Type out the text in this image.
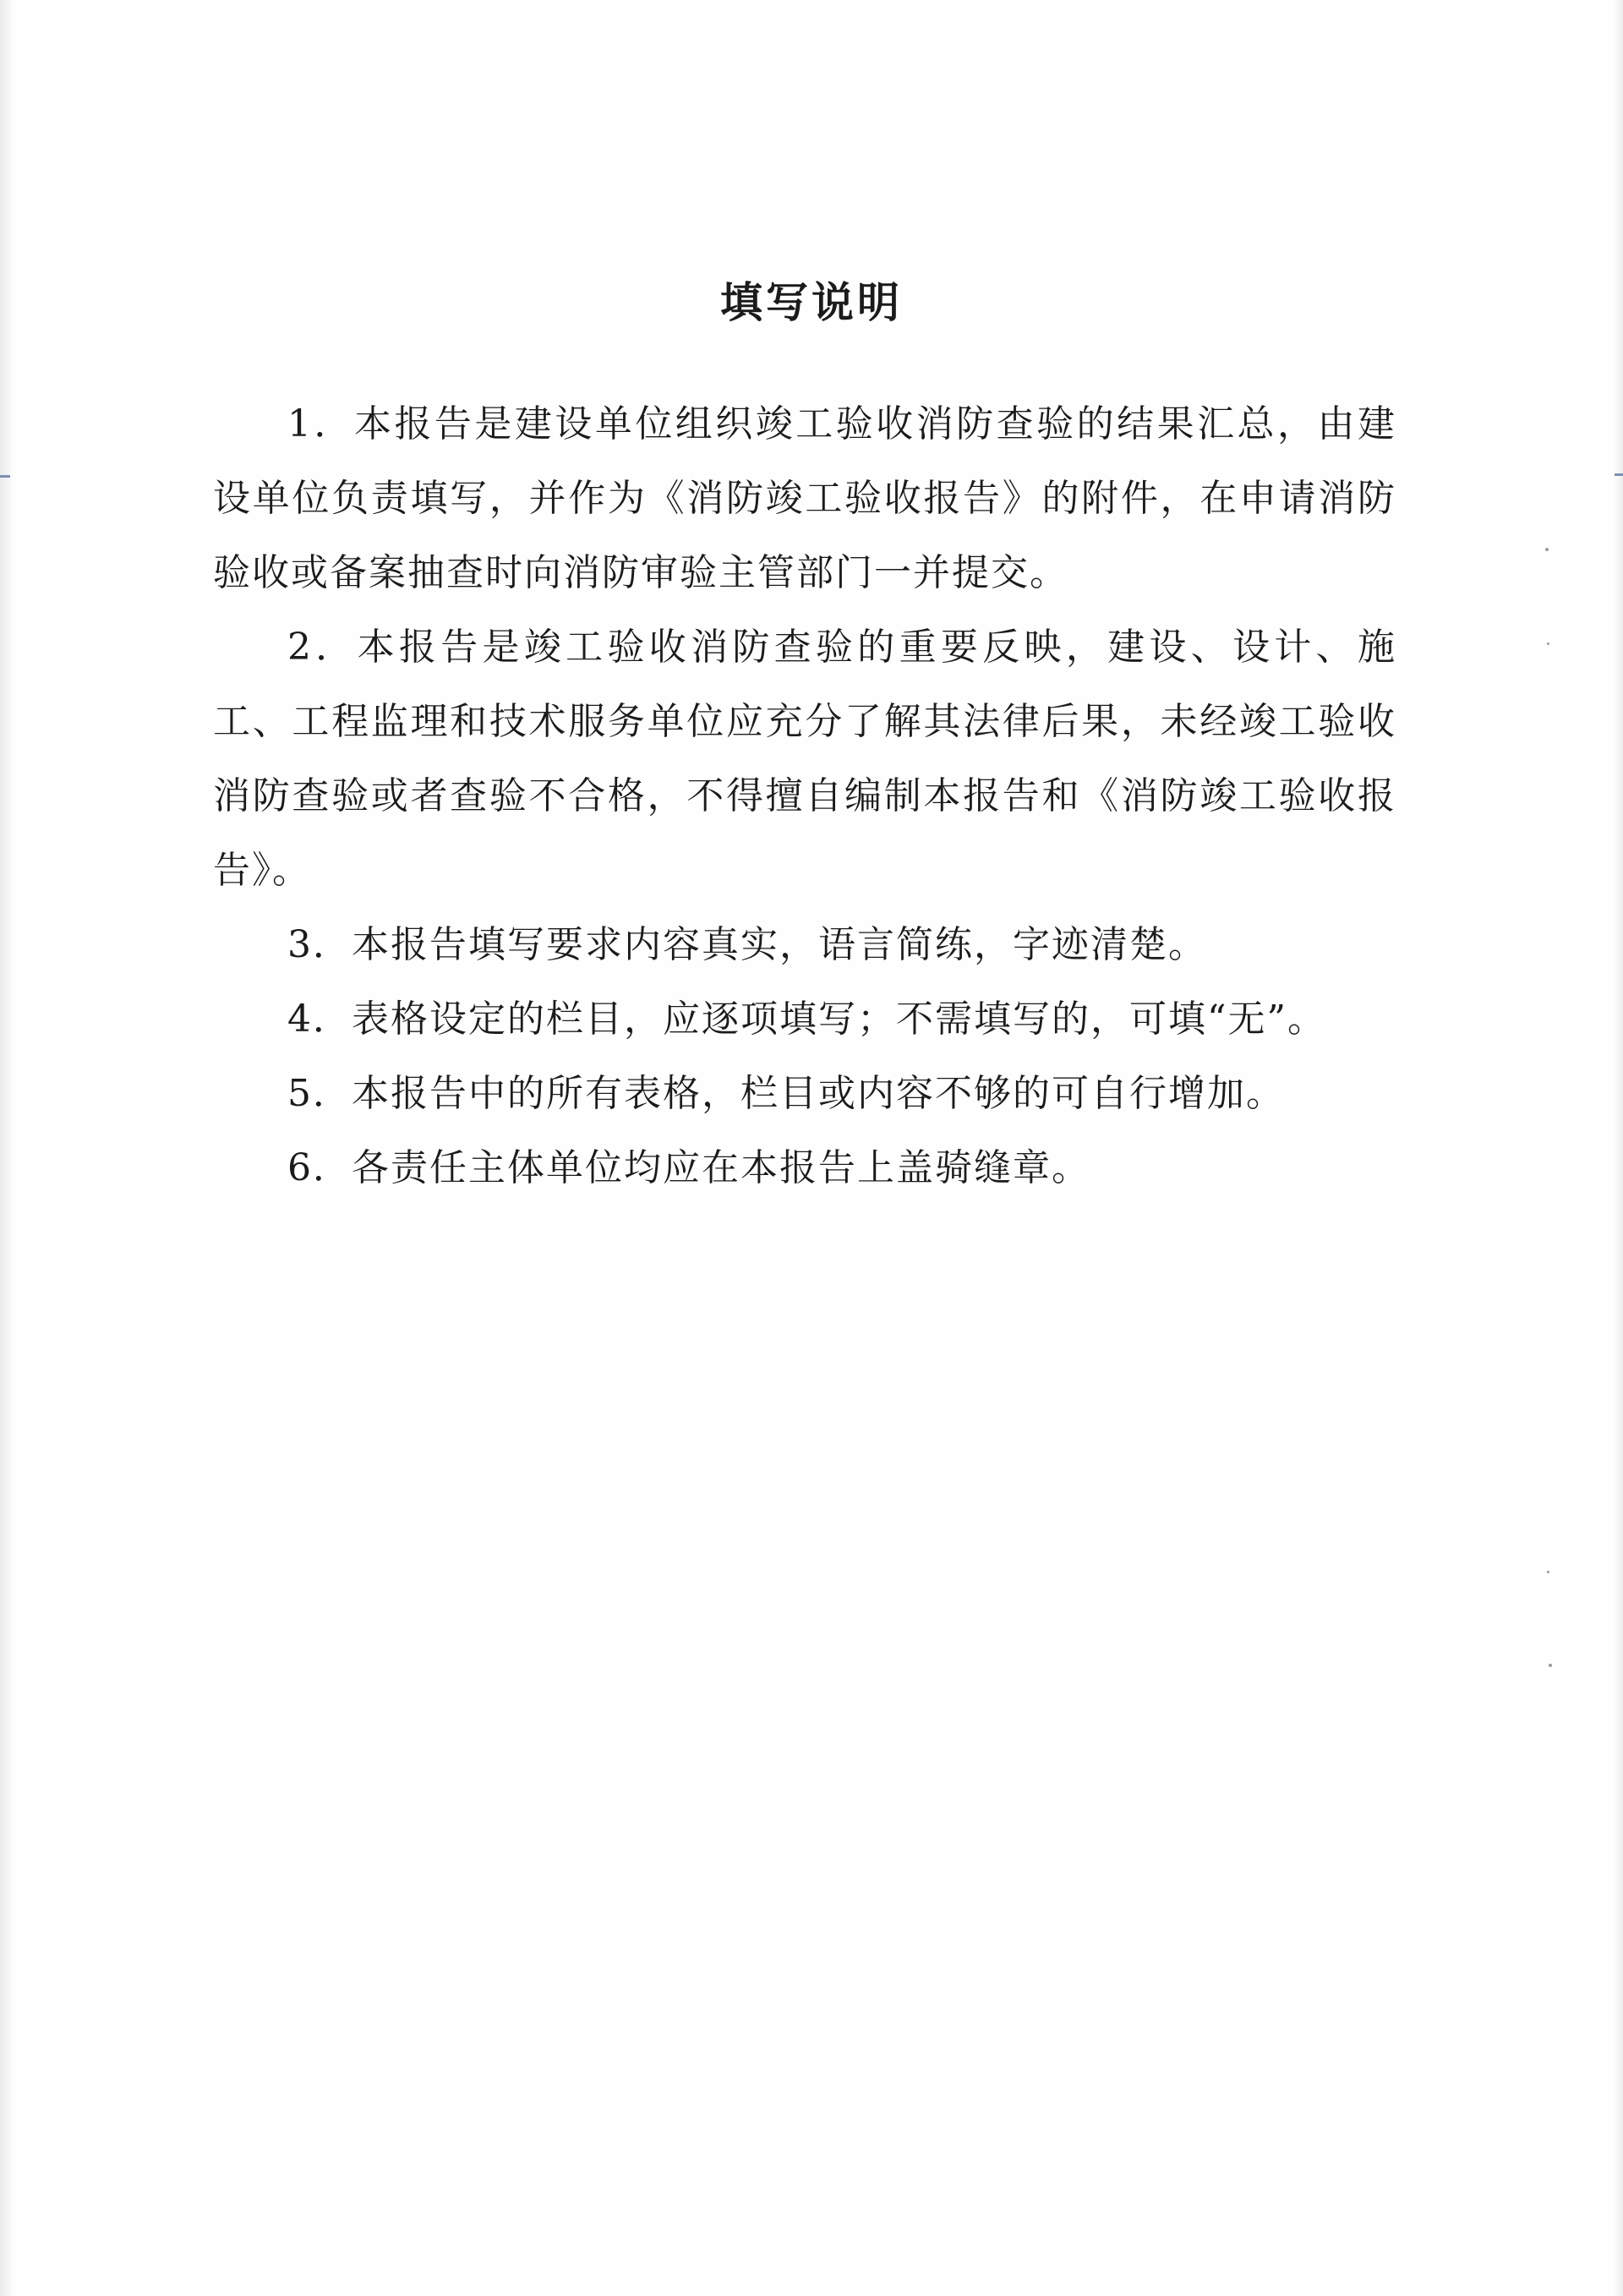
填写说明

1．本报告是建设单位组织竣工验收消防查验的结果汇总，由建设单位负责填写，并作为《消防竣工验收报告》的附件，在申请消防验收或备案抽查时向消防审验主管部门一并提交。

2．本报告是竣工验收消防查验的重要反映，建设、设计、施工、工程监理和技术服务单位应充分了解其法律后果，未经竣工验收消防查验或者查验不合格，不得擅自编制本报告和《消防竣工验收报告》。

3．本报告填写要求内容真实，语言简练，字迹清楚。

4．表格设定的栏目，应逐项填写；不需填写的，可填“无”。

5．本报告中的所有表格，栏目或内容不够的可自行增加。

6．各责任主体单位均应在本报告上盖骑缝章。
